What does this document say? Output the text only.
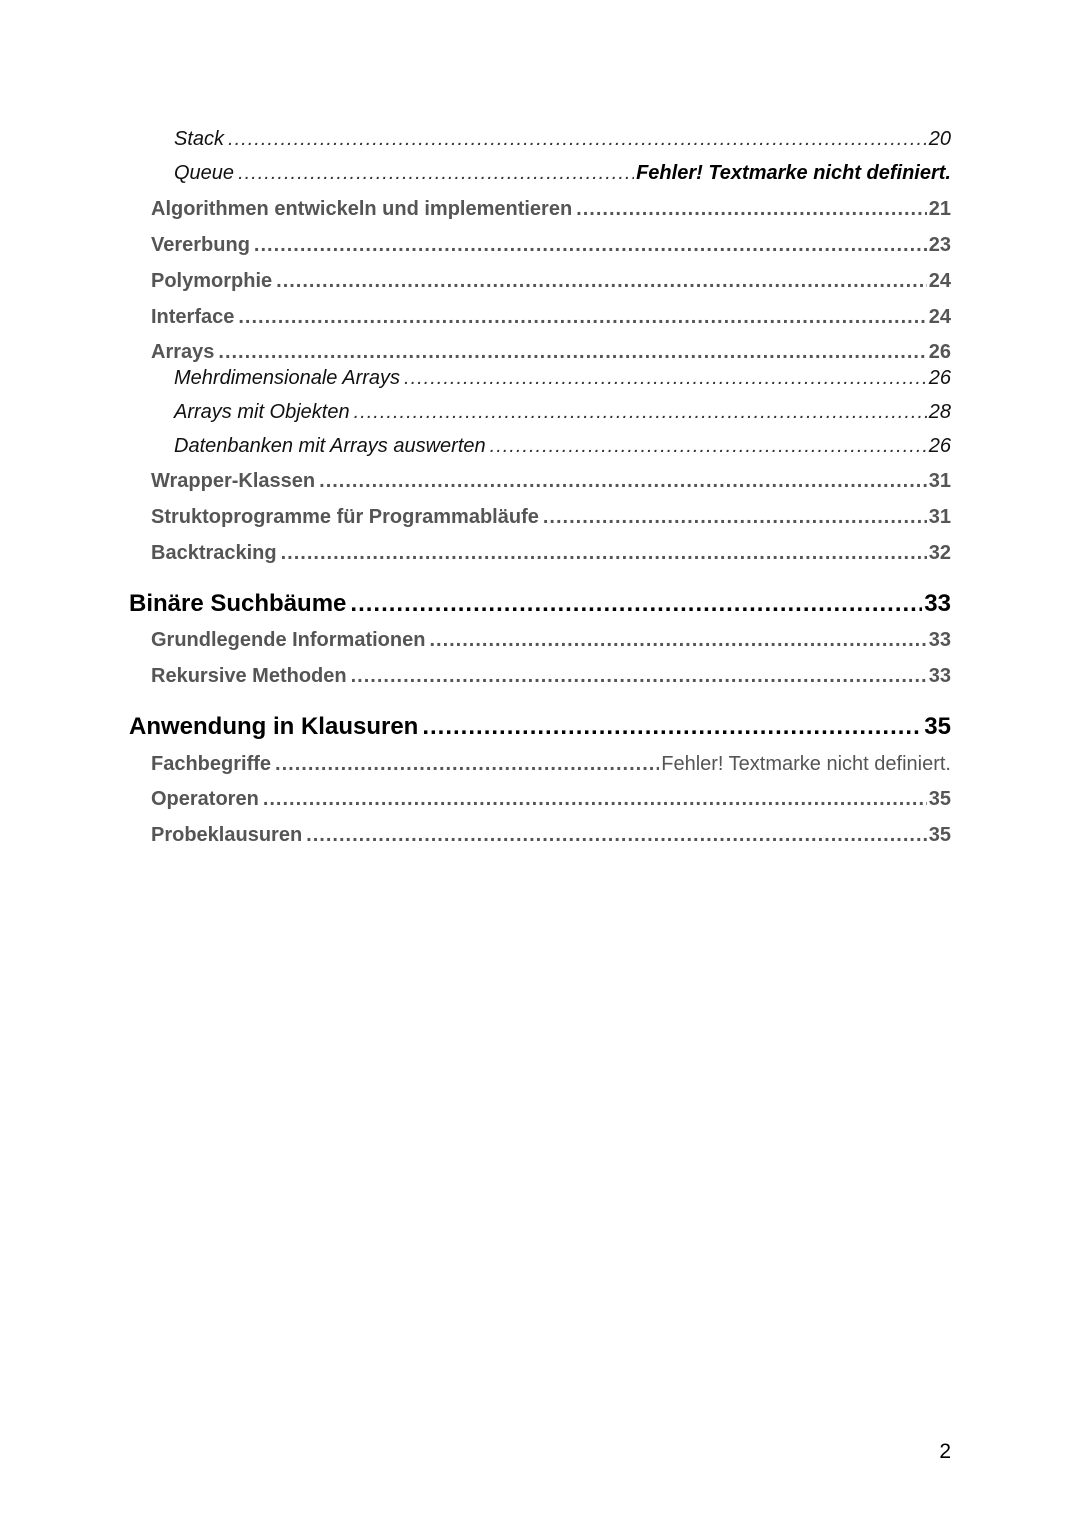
Stack .....	20
Queue .....	Fehler! Textmarke nicht definiert.
Algorithmen entwickeln und implementieren .....	21
Vererbung .....	23
Polymorphie .....	24
Interface .....	24
Arrays .....	26
Mehrdimensionale Arrays .....	26
Arrays mit Objekten .....	28
Datenbanken mit Arrays auswerten .....	26
Wrapper-Klassen .....	31
Struktoprogramme für Programmabläufe .....	31
Backtracking .....	32
Binäre Suchbäume .....	33
Grundlegende Informationen .....	33
Rekursive Methoden .....	33
Anwendung in Klausuren .....	35
Fachbegriffe .....	Fehler! Textmarke nicht definiert.
Operatoren .....	35
Probeklausuren .....	35
2
